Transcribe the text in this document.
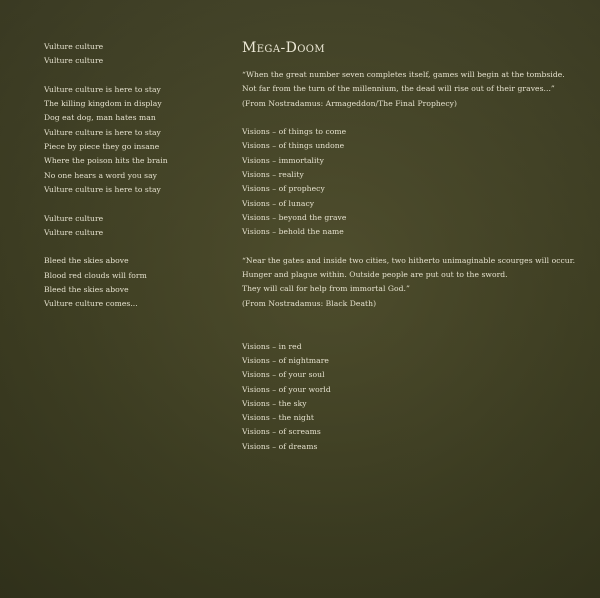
Vulture culture
Vulture culture
Vulture culture is here to stay
The killing kingdom in display
Dog eat dog, man hates man
Vulture culture is here to stay
Piece by piece they go insane
Where the poison hits the brain
No one hears a word you say
Vulture culture is here to stay
Vulture culture
Vulture culture
Bleed the skies above
Blood red clouds will form
Bleed the skies above
Vulture culture comes...
Mega-Doom
“When the great number seven completes itself, games will begin at the tombside.
Not far from the turn of the millennium, the dead will rise out of their graves...”
(From Nostradamus: Armageddon/The Final Prophecy)
Visions – of things to come
Visions – of things undone
Visions – immortality
Visions – reality
Visions – of prophecy
Visions – of lunacy
Visions – beyond the grave
Visions – behold the name
“Near the gates and inside two cities, two hitherto unimaginable scourges will occur.
Hunger and plague within. Outside people are put out to the sword.
They will call for help from immortal God.”
(From Nostradamus: Black Death)
Visions – in red
Visions – of nightmare
Visions – of your soul
Visions – of your world
Visions – the sky
Visions – the night
Visions – of screams
Visions – of dreams
